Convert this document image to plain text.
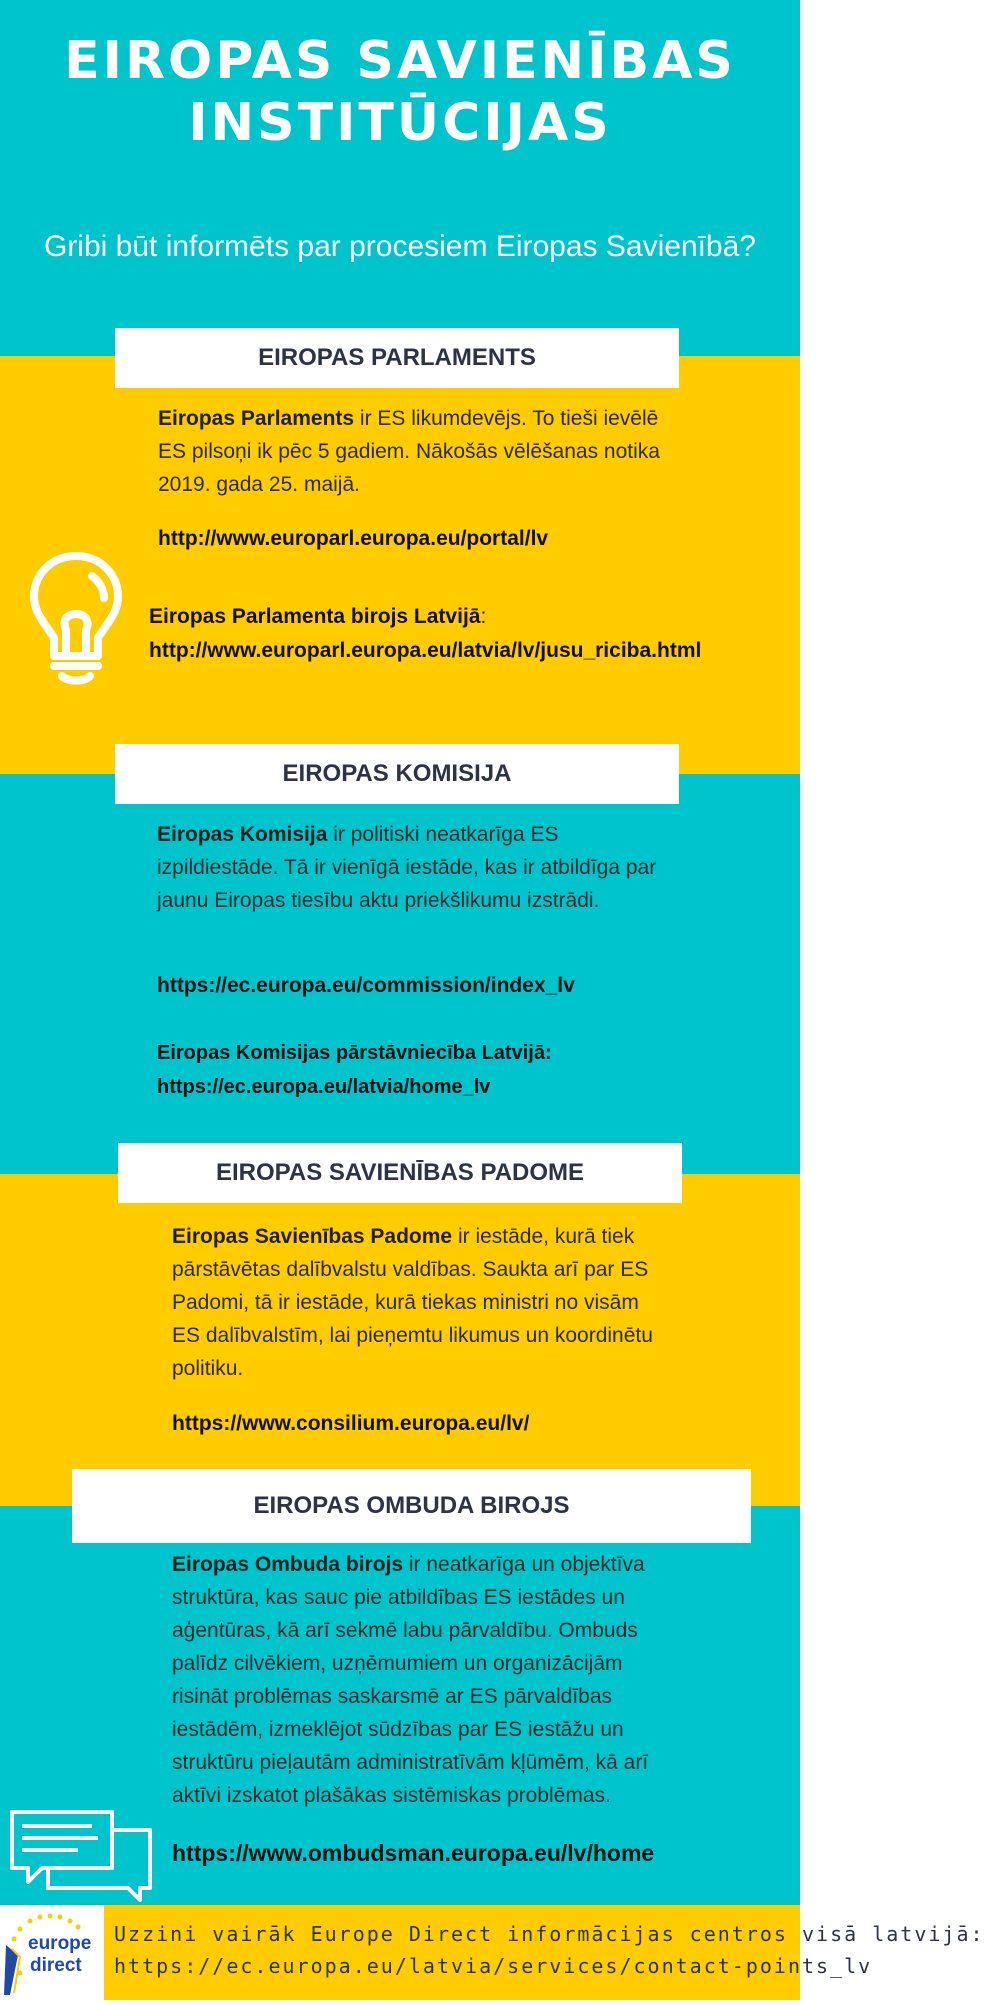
EIROPAS SAVIENĪBAS
INSTITŪCIJAS
Gribi būt informēts par procesiem Eiropas Savienībā?
EIROPAS PARLAMENTS
Eiropas Parlaments ir ES likumdevējs. To tieši ievēlē ES pilsoņi ik pēc 5 gadiem. Nākošās vēlēšanas notika 2019. gada 25. maijā.
http://www.europarl.europa.eu/portal/lv
Eiropas Parlamenta birojs Latvijā:
http://www.europarl.europa.eu/latvia/lv/jusu_riciba.html
EIROPAS KOMISIJA
Eiropas Komisija ir politiski neatkarīga ES izpildiestāde. Tā ir vienīgā iestāde, kas ir atbildīga par jaunu Eiropas tiesību aktu priekšlikumu izstrādi.
https://ec.europa.eu/commission/index_lv
Eiropas Komisijas pārstāvniecība Latvijā:
https://ec.europa.eu/latvia/home_lv
EIROPAS SAVIENĪBAS PADOME
Eiropas Savienības Padome ir iestāde, kurā tiek pārstāvētas dalībvalstu valdības. Saukta arī par ES Padomi, tā ir iestāde, kurā tiekas ministri no visām ES dalībvalstīm, lai pieņemtu likumus un koordinētu politiku.
https://www.consilium.europa.eu/lv/
EIROPAS OMBUDA BIROJS
Eiropas Ombuda birojs ir neatkarīga un objektīva struktūra, kas sauc pie atbildības ES iestādes un aģentūras, kā arī sekmē labu pārvaldību. Ombuds palīdz cilvēkiem, uzņēmumiem un organizācijām risināt problēmas saskarsmē ar ES pārvaldības iestādēm, izmeklējot sūdzības par ES iestāžu un struktūru pieļautām administratīvām kļūmēm, kā arī aktīvi izskatot plašākas sistēmiskas problēmas.
https://www.ombudsman.europa.eu/lv/home
europe
direct
Uzzini vairāk Europe Direct informācijas centros visā latvijā:
https://ec.europa.eu/latvia/services/contact-points_lv
